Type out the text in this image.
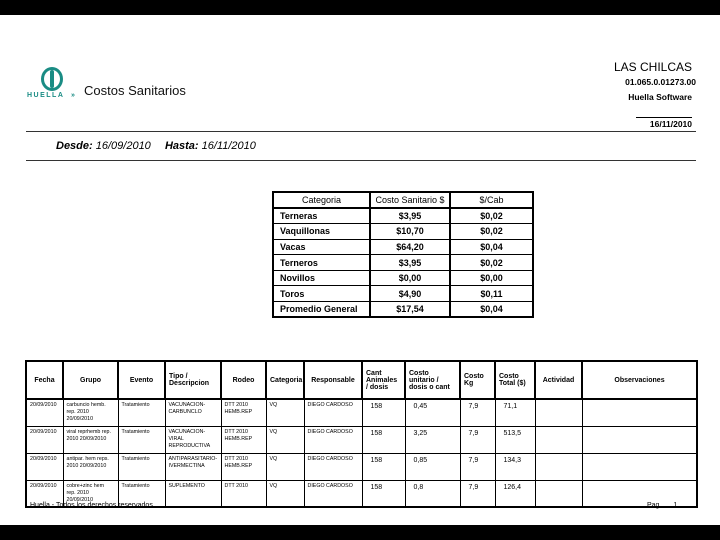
HUELLA » Costos Sanitarios
LAS CHILCAS
01.065.0.01273.00
Huella Software
16/11/2010
Desde: 16/09/2010 Hasta: 16/11/2010
Categoria	Costo Sanitario $	$/Cab
Terneras	$3,95	$0,02
Vaquillonas	$10,70	$0,02
Vacas	$64,20	$0,04
Terneros	$3,95	$0,02
Novillos	$0,00	$0,00
Toros	$4,90	$0,11
Promedio General	$17,54	$0,04
Fecha	Grupo	Evento	Tipo / Descripcion	Rodeo	Categoria	Responsable	Cant Animales / dosis	Costo unitario / dosis o cant	Costo Kg	Costo Total ($)	Actividad	Observaciones
20/09/2010	carbuncio hemb. rep. 2010 20/09/2010	Tratamiento	VACUNACION-CARBUNCLO	DTT 2010 HEMB.REP	VQ	DIEGO CARDOSO	158	0,45	7,9	71,1		
20/09/2010	viral reprhemb rep. 2010 20/09/2010	Tratamiento	VACUNACION-VIRAL REPRODUCTIVA	DTT 2010 HEMB.REP	VQ	DIEGO CARDOSO	158	3,25	7,9	513,5		
20/09/2010	antipar. hem reps. 2010 20/09/2010	Tratamiento	ANTIPARASITARIO-IVERMECTINA	DTT 2010 HEMB.REP	VQ	DIEGO CARDOSO	158	0,85	7,9	134,3		
20/09/2010	cobre+zinc hem rep. 2010 20/09/2010	Tratamiento	SUPLEMENTO	DTT 2010	VQ	DIEGO CARDOSO	158	0,8	7,9	126,4		
Huella - Todos los derechos reservados	Pag. 1
